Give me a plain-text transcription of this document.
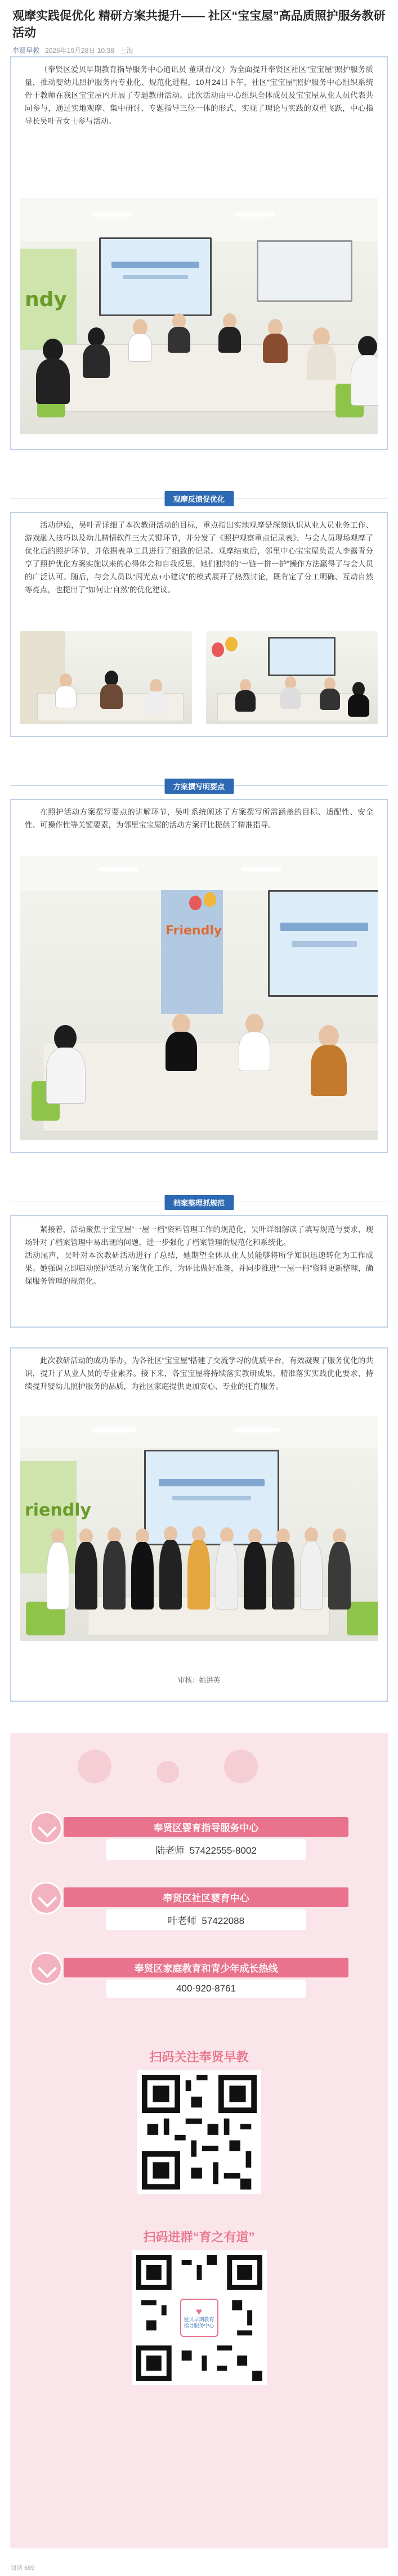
观摩实践促优化 精研方案共提升—— 社区“宝宝屋”高品质照护服务教研活动
奉贤早教 2025年10月28日 10:38 上海

（奉贤区爱贝早期教育指导服务中心通讯员 董琪青/文）为全面提升奉贤区社区“宝宝屋”照护服务质量，推动婴幼儿照护服务内专业化、规范化进程，10月24日下午，社区“宝宝屋”照护服务中心组织系统骨干教师在我区宝宝屋内开展了专题教研活动。此次活动由中心组织全体成员及宝宝屋从业人员代表共同参与，通过实地观摩、集中研讨、专题指导三位一体的形式，实现了理论与实践的双重飞跃，中心指导长吴叶青女士参与活动。

ndy
观摩反馈促优化

活动伊始，吴叶青详细了本次教研活动的目标，重点指出实地观摩是深刻认识从业人员业务工作、游戏融入技巧以及幼儿精情软件三大关键环节，并分发了《照护观察重点记录表》，与会人员现场观摩了优化后的照护环节，并依据表单工具进行了细致的记录。观摩结束后，邻里中心宝宝屋负责人李露青分享了照护优化方案实施以来的心得体会和自我反思，她们独特的“一链一拼一护”操作方法赢得了与会人员的广泛认可。随后，与会人员以“闪光点+小建议”的模式展开了热烈讨论，既肯定了分工明确、互动自然等亮点，也提出了“如何让‘自然’的优化建议。

方案撰写明要点

在照护活动方案撰写要点的讲解环节，吴叶系统阐述了方案撰写所需涵盖的目标、适配性、安全性、可操作性等关键要素，为邻里宝宝屋的活动方案评比提供了精准指导。

Friendly
档案整理抓规范

紧接着，活动聚焦于宝宝屋“一屋一档”资料管理工作的规范化，吴叶详细解读了填写规范与要求，现场针对了档案管理中易出现的问题，进一步强化了档案管理的规范化和系统化。
活动尾声，吴叶对本次教研活动进行了总结，她期望全体从业人员能够将所学知识迅速转化为工作成果。她强调立即启动照护活动方案优化工作，为评比做好准备，并同步推进“一屋一档”资料更新整理，确保服务管理的规范化。

此次教研活动的成功举办，为各社区“宝宝屋”搭建了交流学习的优质平台，有效凝聚了服务优化的共识，提升了从业人员的专业素养。接下来，各宝宝屋将持续落实教研成果，精准落实实践优化要求，持续提升婴幼儿照护服务的品质，为社区家庭提供更加安心、专业的托育服务。

riendly
审核：姚洪英
奉贤区婴育指导服务中心
陆老师 57422555-8002
奉贤区社区婴育中心
叶老师 57422088
奉贤区家庭教育和青少年成长热线
400-920-8761
扫码关注奉贤早教
扫码进群“育之有道”
♥
爱贝早期教育指导服务中心
阅读 689
